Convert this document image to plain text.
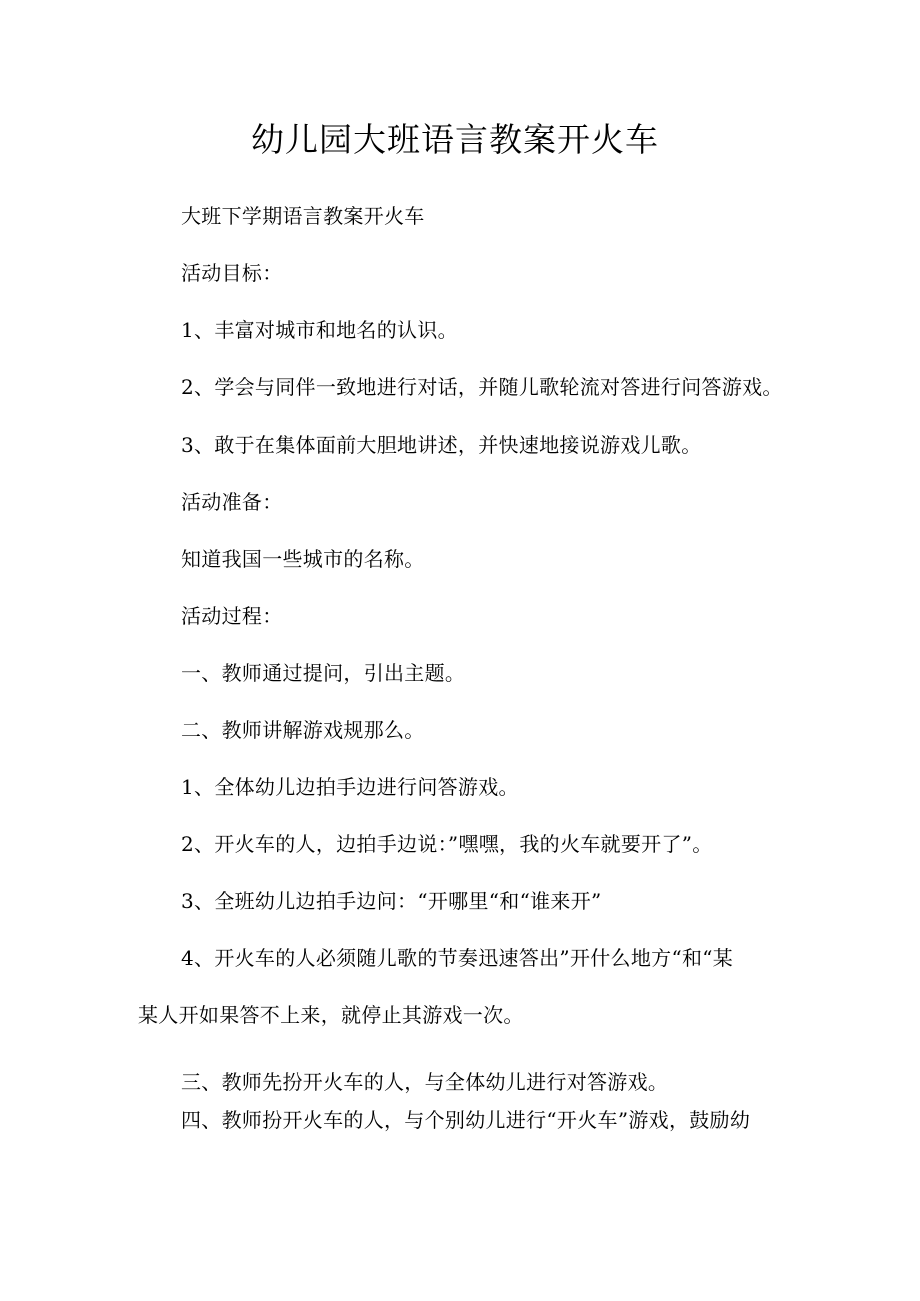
幼儿园大班语言教案开火车

大班下学期语言教案开火车

活动目标：

1、丰富对城市和地名的认识。

2、学会与同伴一致地进行对话，并随儿歌轮流对答进行问答游戏。

3、敢于在集体面前大胆地讲述，并快速地接说游戏儿歌。

活动准备：

知道我国一些城市的名称。

活动过程：

一、教师通过提问，引出主题。

二、教师讲解游戏规那么。

1、全体幼儿边拍手边进行问答游戏。

2、开火车的人，边拍手边说：”嘿嘿，我的火车就要开了”。

3、全班幼儿边拍手边问：“开哪里“和“谁来开”

4、开火车的人必须随儿歌的节奏迅速答出”开什么地方“和“某

某人开如果答不上来，就停止其游戏一次。

三、教师先扮开火车的人，与全体幼儿进行对答游戏。

四、教师扮开火车的人，与个别幼儿进行“开火车”游戏，鼓励幼
